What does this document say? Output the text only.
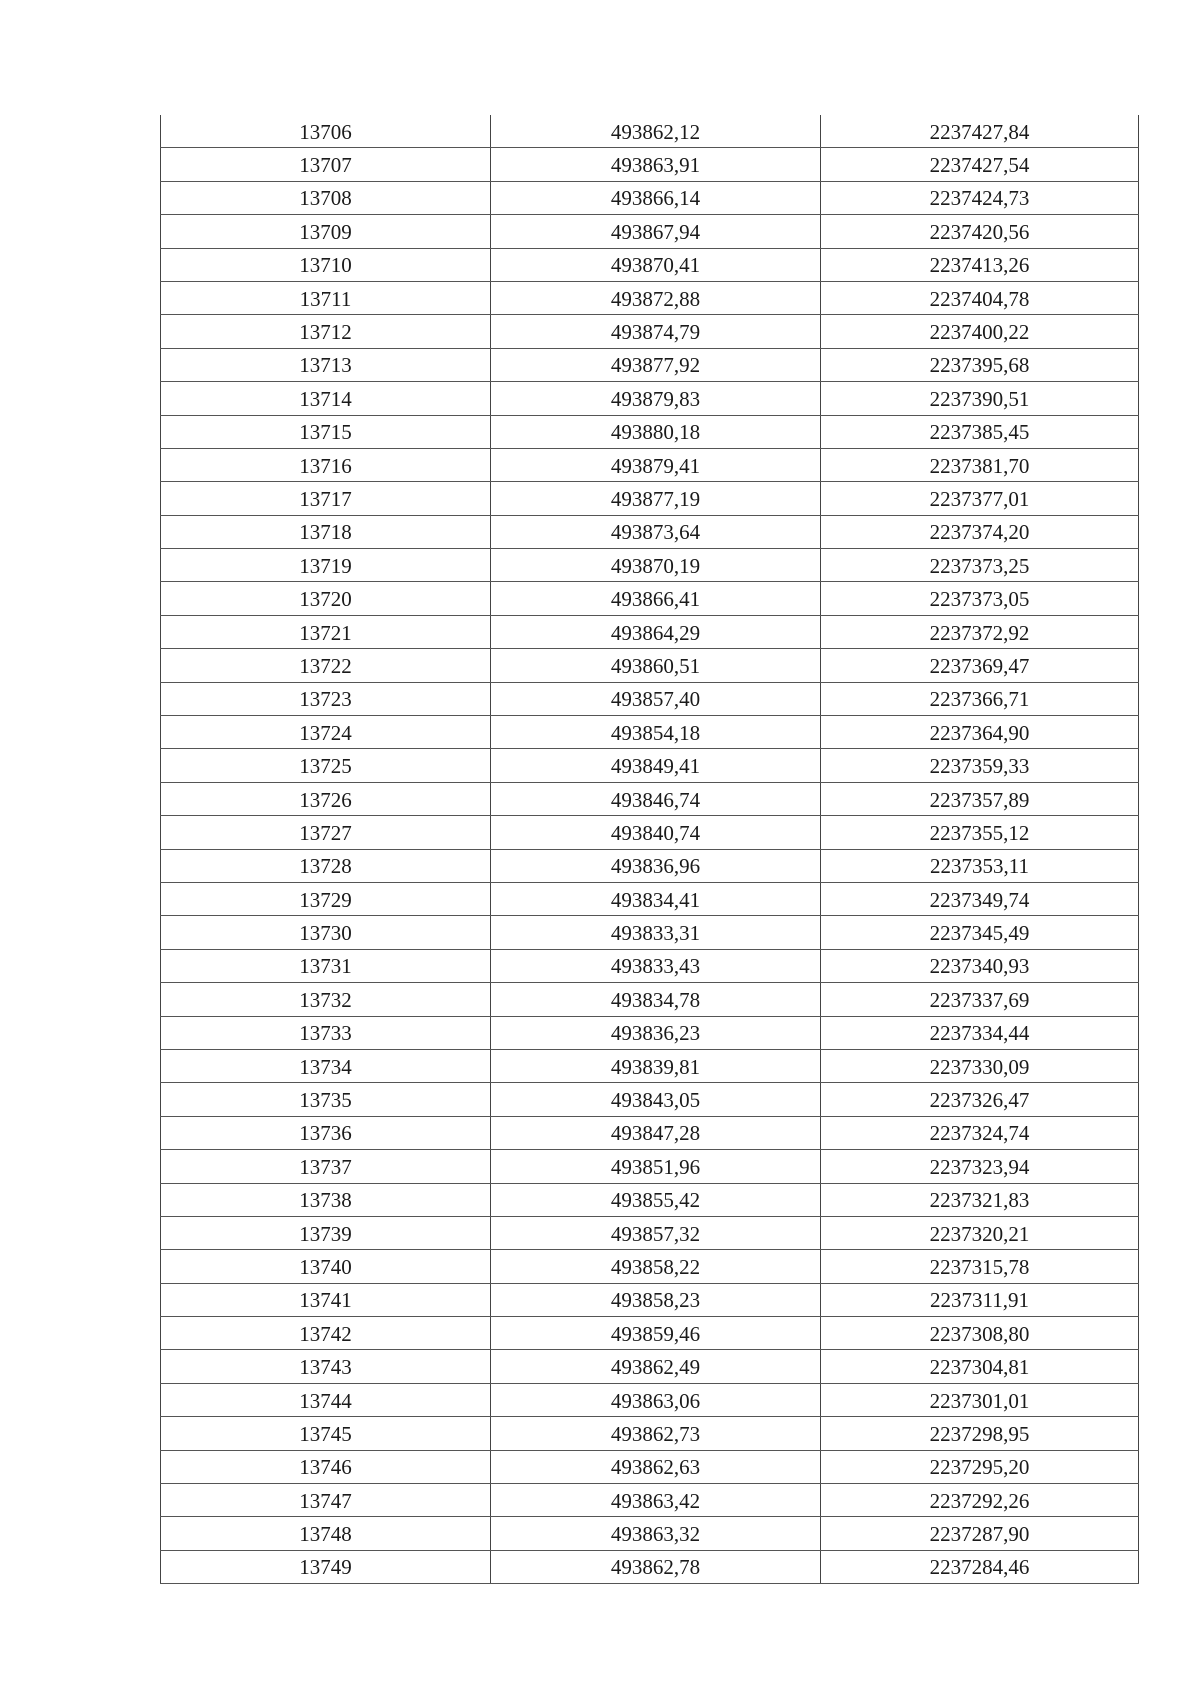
13706	493862,12	2237427,84
13707	493863,91	2237427,54
13708	493866,14	2237424,73
13709	493867,94	2237420,56
13710	493870,41	2237413,26
13711	493872,88	2237404,78
13712	493874,79	2237400,22
13713	493877,92	2237395,68
13714	493879,83	2237390,51
13715	493880,18	2237385,45
13716	493879,41	2237381,70
13717	493877,19	2237377,01
13718	493873,64	2237374,20
13719	493870,19	2237373,25
13720	493866,41	2237373,05
13721	493864,29	2237372,92
13722	493860,51	2237369,47
13723	493857,40	2237366,71
13724	493854,18	2237364,90
13725	493849,41	2237359,33
13726	493846,74	2237357,89
13727	493840,74	2237355,12
13728	493836,96	2237353,11
13729	493834,41	2237349,74
13730	493833,31	2237345,49
13731	493833,43	2237340,93
13732	493834,78	2237337,69
13733	493836,23	2237334,44
13734	493839,81	2237330,09
13735	493843,05	2237326,47
13736	493847,28	2237324,74
13737	493851,96	2237323,94
13738	493855,42	2237321,83
13739	493857,32	2237320,21
13740	493858,22	2237315,78
13741	493858,23	2237311,91
13742	493859,46	2237308,80
13743	493862,49	2237304,81
13744	493863,06	2237301,01
13745	493862,73	2237298,95
13746	493862,63	2237295,20
13747	493863,42	2237292,26
13748	493863,32	2237287,90
13749	493862,78	2237284,46
